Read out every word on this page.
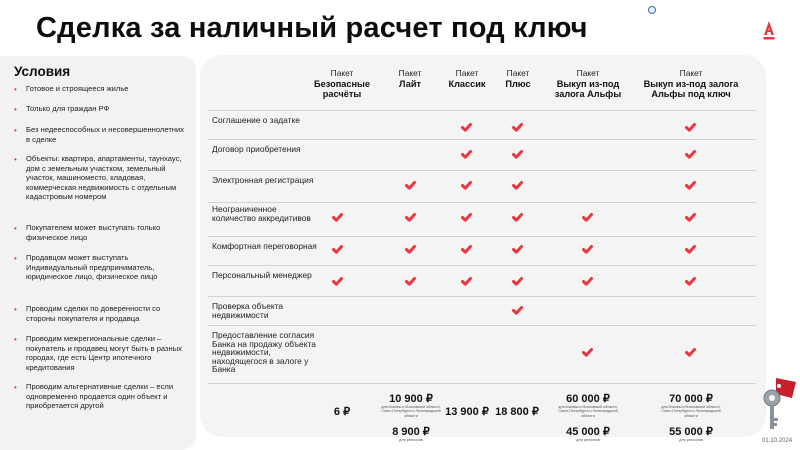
Сделка за наличный расчет под ключ
Условия
• Готовое и строящееся жилье
• Только для граждан РФ
• Без недееспособных и несовершеннолетних в сделке
• Объекты: квартира, апартаменты, таунхаус, дом с земельным участком, земельный участок, машиноместо, кладовая, коммерческая недвижимость с отдельным кадастровым номером
• Покупателем может выступать только физическое лицо
• Продавцом может выступать Индивидуальный предприниматель, юридическое лицо, физическое лицо
• Проводим сделки по доверенности со стороны покупателя и продавца
• Проводим межрегиональные сделки – покупатель и продавец могут быть в разных городах, где есть Центр ипотечного кредитования
• Проводим альтернативные сделки – если одновременно продается один объект и приобретается другой
Пакет
Безопасные расчёты
Пакет
Лайт
Пакет
Классик
Пакет
Плюс
Пакет
Выкуп из-под залога Альфы
Пакет
Выкуп из-под залога Альфы под ключ
Соглашение о задатке
Договор приобретения
Электронная регистрация
Неограниченное количество аккредитивов
Комфортная переговорная
Персональный менеджер
Проверка объекта недвижимости
Предоставление согласия Банка на продажу объекта недвижимости, находящегося в залоге у Банка
6 ₽
10 900 ₽
для Москвы и Московской области, Санкт-Петербурга и Ленинградской области
8 900 ₽
для регионов
13 900 ₽ 18 800 ₽
60 000 ₽
для Москвы и Московской области, Санкт-Петербурга и Ленинградской области
45 000 ₽
для регионов
70 000 ₽
для Москвы и Московской области, Санкт-Петербурга и Ленинградской области
55 000 ₽
для регионов	01.10.2024
